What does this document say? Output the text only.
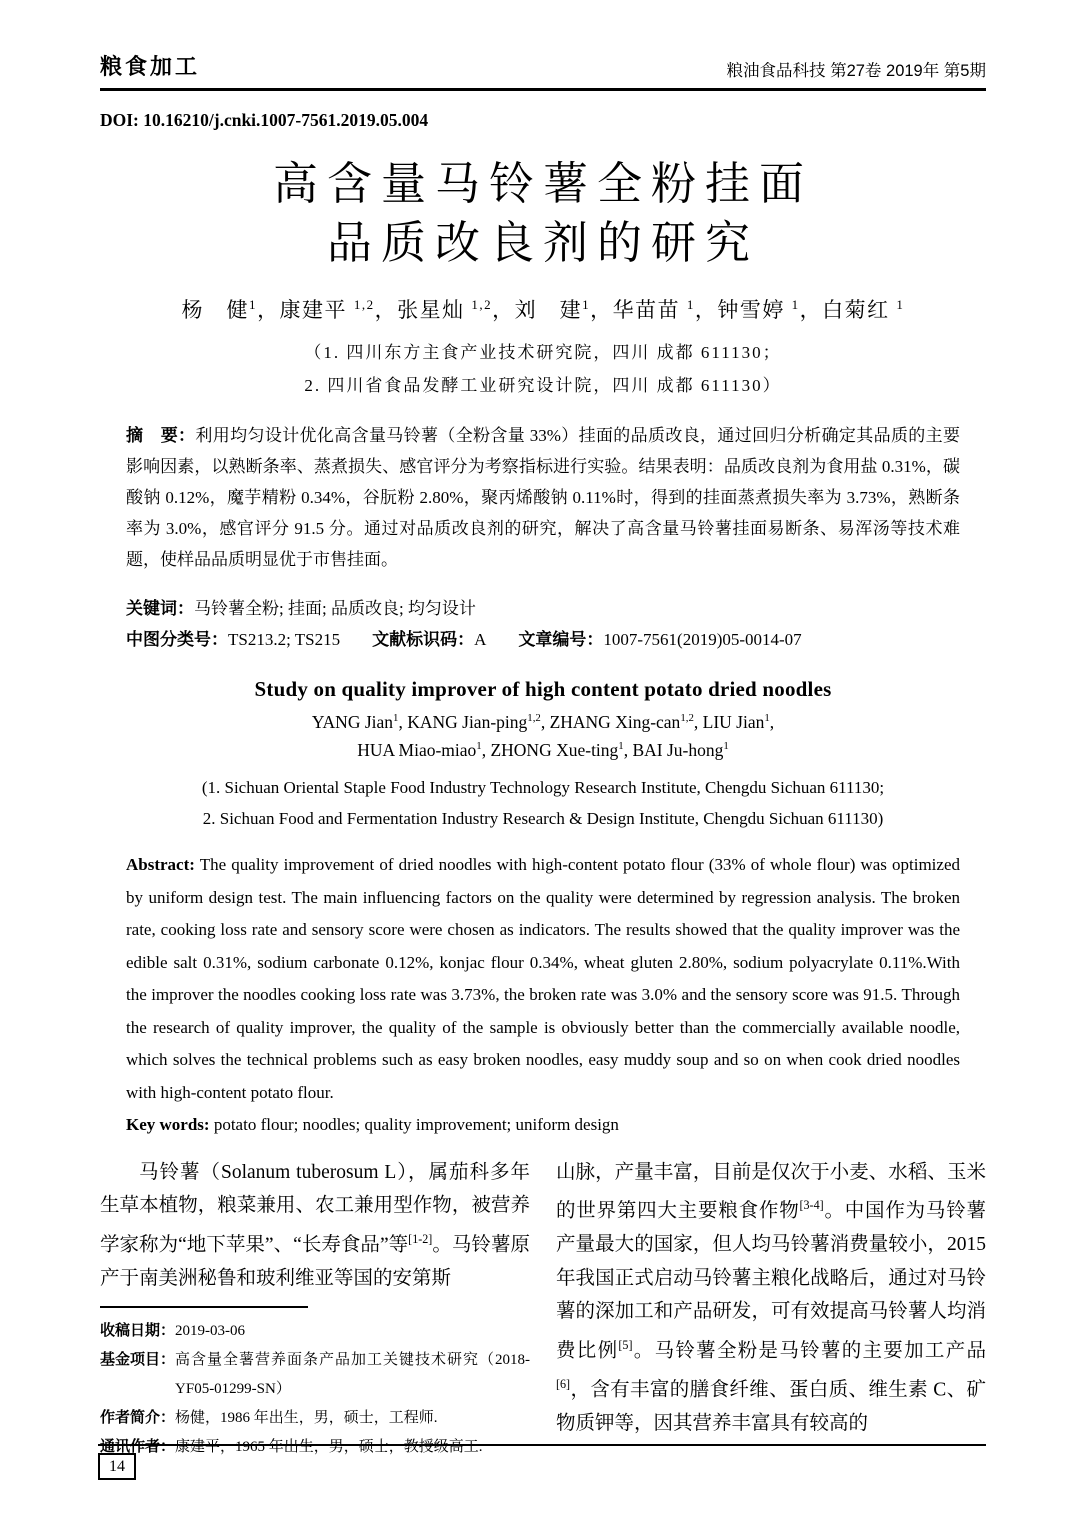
粮食加工	粮油食品科技 第27卷 2019年 第5期
DOI: 10.16210/j.cnki.1007-7561.2019.05.004
高含量马铃薯全粉挂面
品质改良剂的研究
杨　健$^1$，康建平 $^{1,2}$，张星灿 $^{1,2}$，刘　建$^1$，华苗苗 $^1$，钟雪婷 $^1$，白菊红 $^1$
（1. 四川东方主食产业技术研究院，四川 成都 611130；
2. 四川省食品发酵工业研究设计院，四川 成都 611130）

摘　要：利用均匀设计优化高含量马铃薯（全粉含量 33%）挂面的品质改良，通过回归分析确定其品质的主要影响因素，以熟断条率、蒸煮损失、感官评分为考察指标进行实验。结果表明：品质改良剂为食用盐 0.31%，碳酸钠 0.12%，魔芋精粉 0.34%，谷朊粉 2.80%，聚丙烯酸钠 0.11%时，得到的挂面蒸煮损失率为 3.73%，熟断条率为 3.0%，感官评分 91.5 分。通过对品质改良剂的研究，解决了高含量马铃薯挂面易断条、易浑汤等技术难题，使样品品质明显优于市售挂面。

关键词：马铃薯全粉; 挂面; 品质改良; 均匀设计

中图分类号：TS213.2; TS215 文献标识码：A 文章编号：1007-7561(2019)05-0014-07

Study on quality improver of high content potato dried noodles
YANG Jian$^1$, KANG Jian-ping$^{1,2}$, ZHANG Xing-can$^{1,2}$, LIU Jian$^1$,
HUA Miao-miao$^1$, ZHONG Xue-ting$^1$, BAI Ju-hong$^1$
(1. Sichuan Oriental Staple Food Industry Technology Research Institute, Chengdu Sichuan 611130;
2. Sichuan Food and Fermentation Industry Research & Design Institute, Chengdu Sichuan 611130)

Abstract: The quality improvement of dried noodles with high-content potato flour (33% of whole flour) was optimized by uniform design test. The main influencing factors on the quality were determined by regression analysis. The broken rate, cooking loss rate and sensory score were chosen as indicators. The results showed that the quality improver was the edible salt 0.31%, sodium carbonate 0.12%, konjac flour 0.34%, wheat gluten 2.80%, sodium polyacrylate 0.11%.With the improver the noodles cooking loss rate was 3.73%, the broken rate was 3.0% and the sensory score was 91.5. Through the research of quality improver, the quality of the sample is obviously better than the commercially available noodle, which solves the technical problems such as easy broken noodles, easy muddy soup and so on when cook dried noodles with high-content potato flour.

Key words: potato flour; noodles; quality improvement; uniform design

马铃薯（Solanum tuberosum L），属茄科多年生草本植物，粮菜兼用、农工兼用型作物，被营养学家称为“地下苹果”、“长寿食品”等[1-2]。马铃薯原产于南美洲秘鲁和玻利维亚等国的安第斯

收稿日期： 2019-03-06
基金项目： 高含量全薯营养面条产品加工关键技术研究（2018-YF05-01299-SN）
作者简介： 杨健，1986 年出生，男，硕士，工程师.
通讯作者： 康建平，1965 年出生，男，硕士，教授级高工.

山脉，产量丰富，目前是仅次于小麦、水稻、玉米的世界第四大主要粮食作物[3-4]。中国作为马铃薯产量最大的国家，但人均马铃薯消费量较小，2015 年我国正式启动马铃薯主粮化战略后，通过对马铃薯的深加工和产品研发，可有效提高马铃薯人均消费比例[5]。马铃薯全粉是马铃薯的主要加工产品[6]，含有丰富的膳食纤维、蛋白质、维生素 C、矿物质钾等，因其营养丰富具有较高的

14
